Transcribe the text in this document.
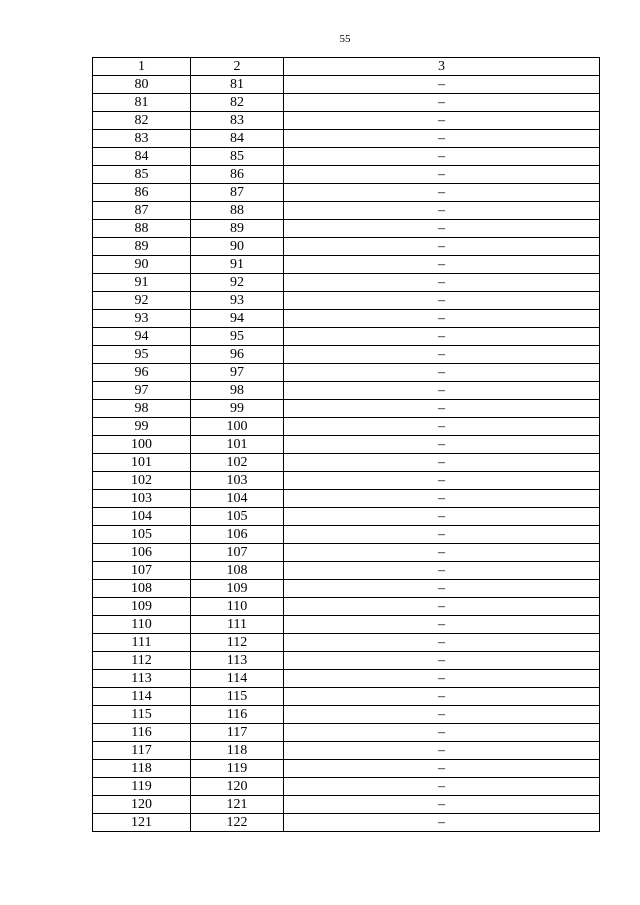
55
1	2	3
80	81	–
81	82	–
82	83	–
83	84	–
84	85	–
85	86	–
86	87	–
87	88	–
88	89	–
89	90	–
90	91	–
91	92	–
92	93	–
93	94	–
94	95	–
95	96	–
96	97	–
97	98	–
98	99	–
99	100	–
100	101	–
101	102	–
102	103	–
103	104	–
104	105	–
105	106	–
106	107	–
107	108	–
108	109	–
109	110	–
110	111	–
111	112	–
112	113	–
113	114	–
114	115	–
115	116	–
116	117	–
117	118	–
118	119	–
119	120	–
120	121	–
121	122	–
